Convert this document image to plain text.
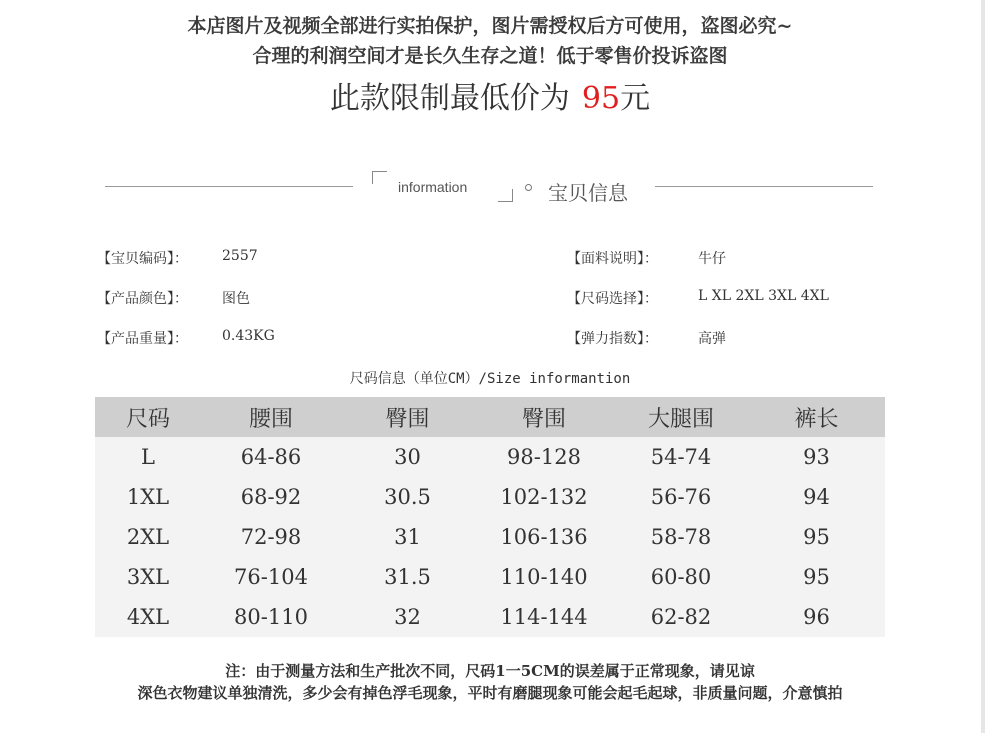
本店图片及视频全部进行实拍保护，图片需授权后方可使用，盗图必究~
合理的利润空间才是长久生存之道！低于零售价投诉盗图
此款限制最低价为 95元
information	宝贝信息
【宝贝编码】： 2557
【产品颜色】： 图色
【产品重量】： 0.43KG
【面料说明】：	牛仔
【尺码选择】：	L XL 2XL 3XL 4XL
【弹力指数】：	高弹
尺码信息（单位CM）/Size informantion
尺码	腰围	臀围	臀围	大腿围	裤长
L	64-86	30	98-128	54-74	93
1XL	68-92	30.5	102-132	56-76	94
2XL	72-98	31	106-136	58-78	95
3XL	76-104	31.5	110-140	60-80	95
4XL	80-110	32	114-144	62-82	96
注：由于测量方法和生产批次不同，尺码1一5CM的误差属于正常现象，请见谅
深色衣物建议单独清洗，多少会有掉色浮毛现象，平时有磨腿现象可能会起毛起球，非质量问题，介意慎拍
